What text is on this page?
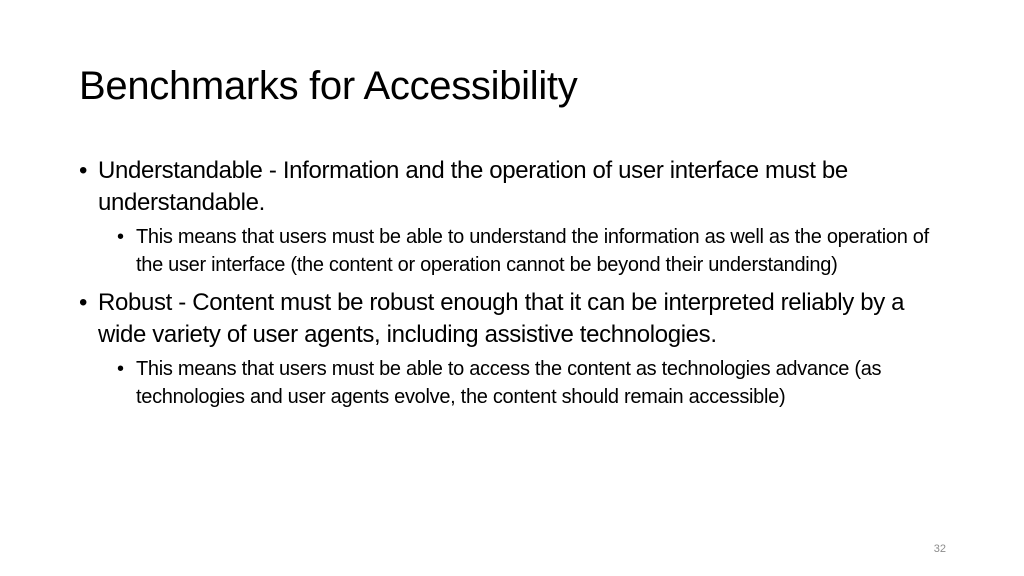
Benchmarks for Accessibility
• Understandable - Information and the operation of user interface must be understandable.
• This means that users must be able to understand the information as well as the operation of the user interface (the content or operation cannot be beyond their understanding)
• Robust - Content must be robust enough that it can be interpreted reliably by a wide variety of user agents, including assistive technologies.
• This means that users must be able to access the content as technologies advance (as technologies and user agents evolve, the content should remain accessible)
32
